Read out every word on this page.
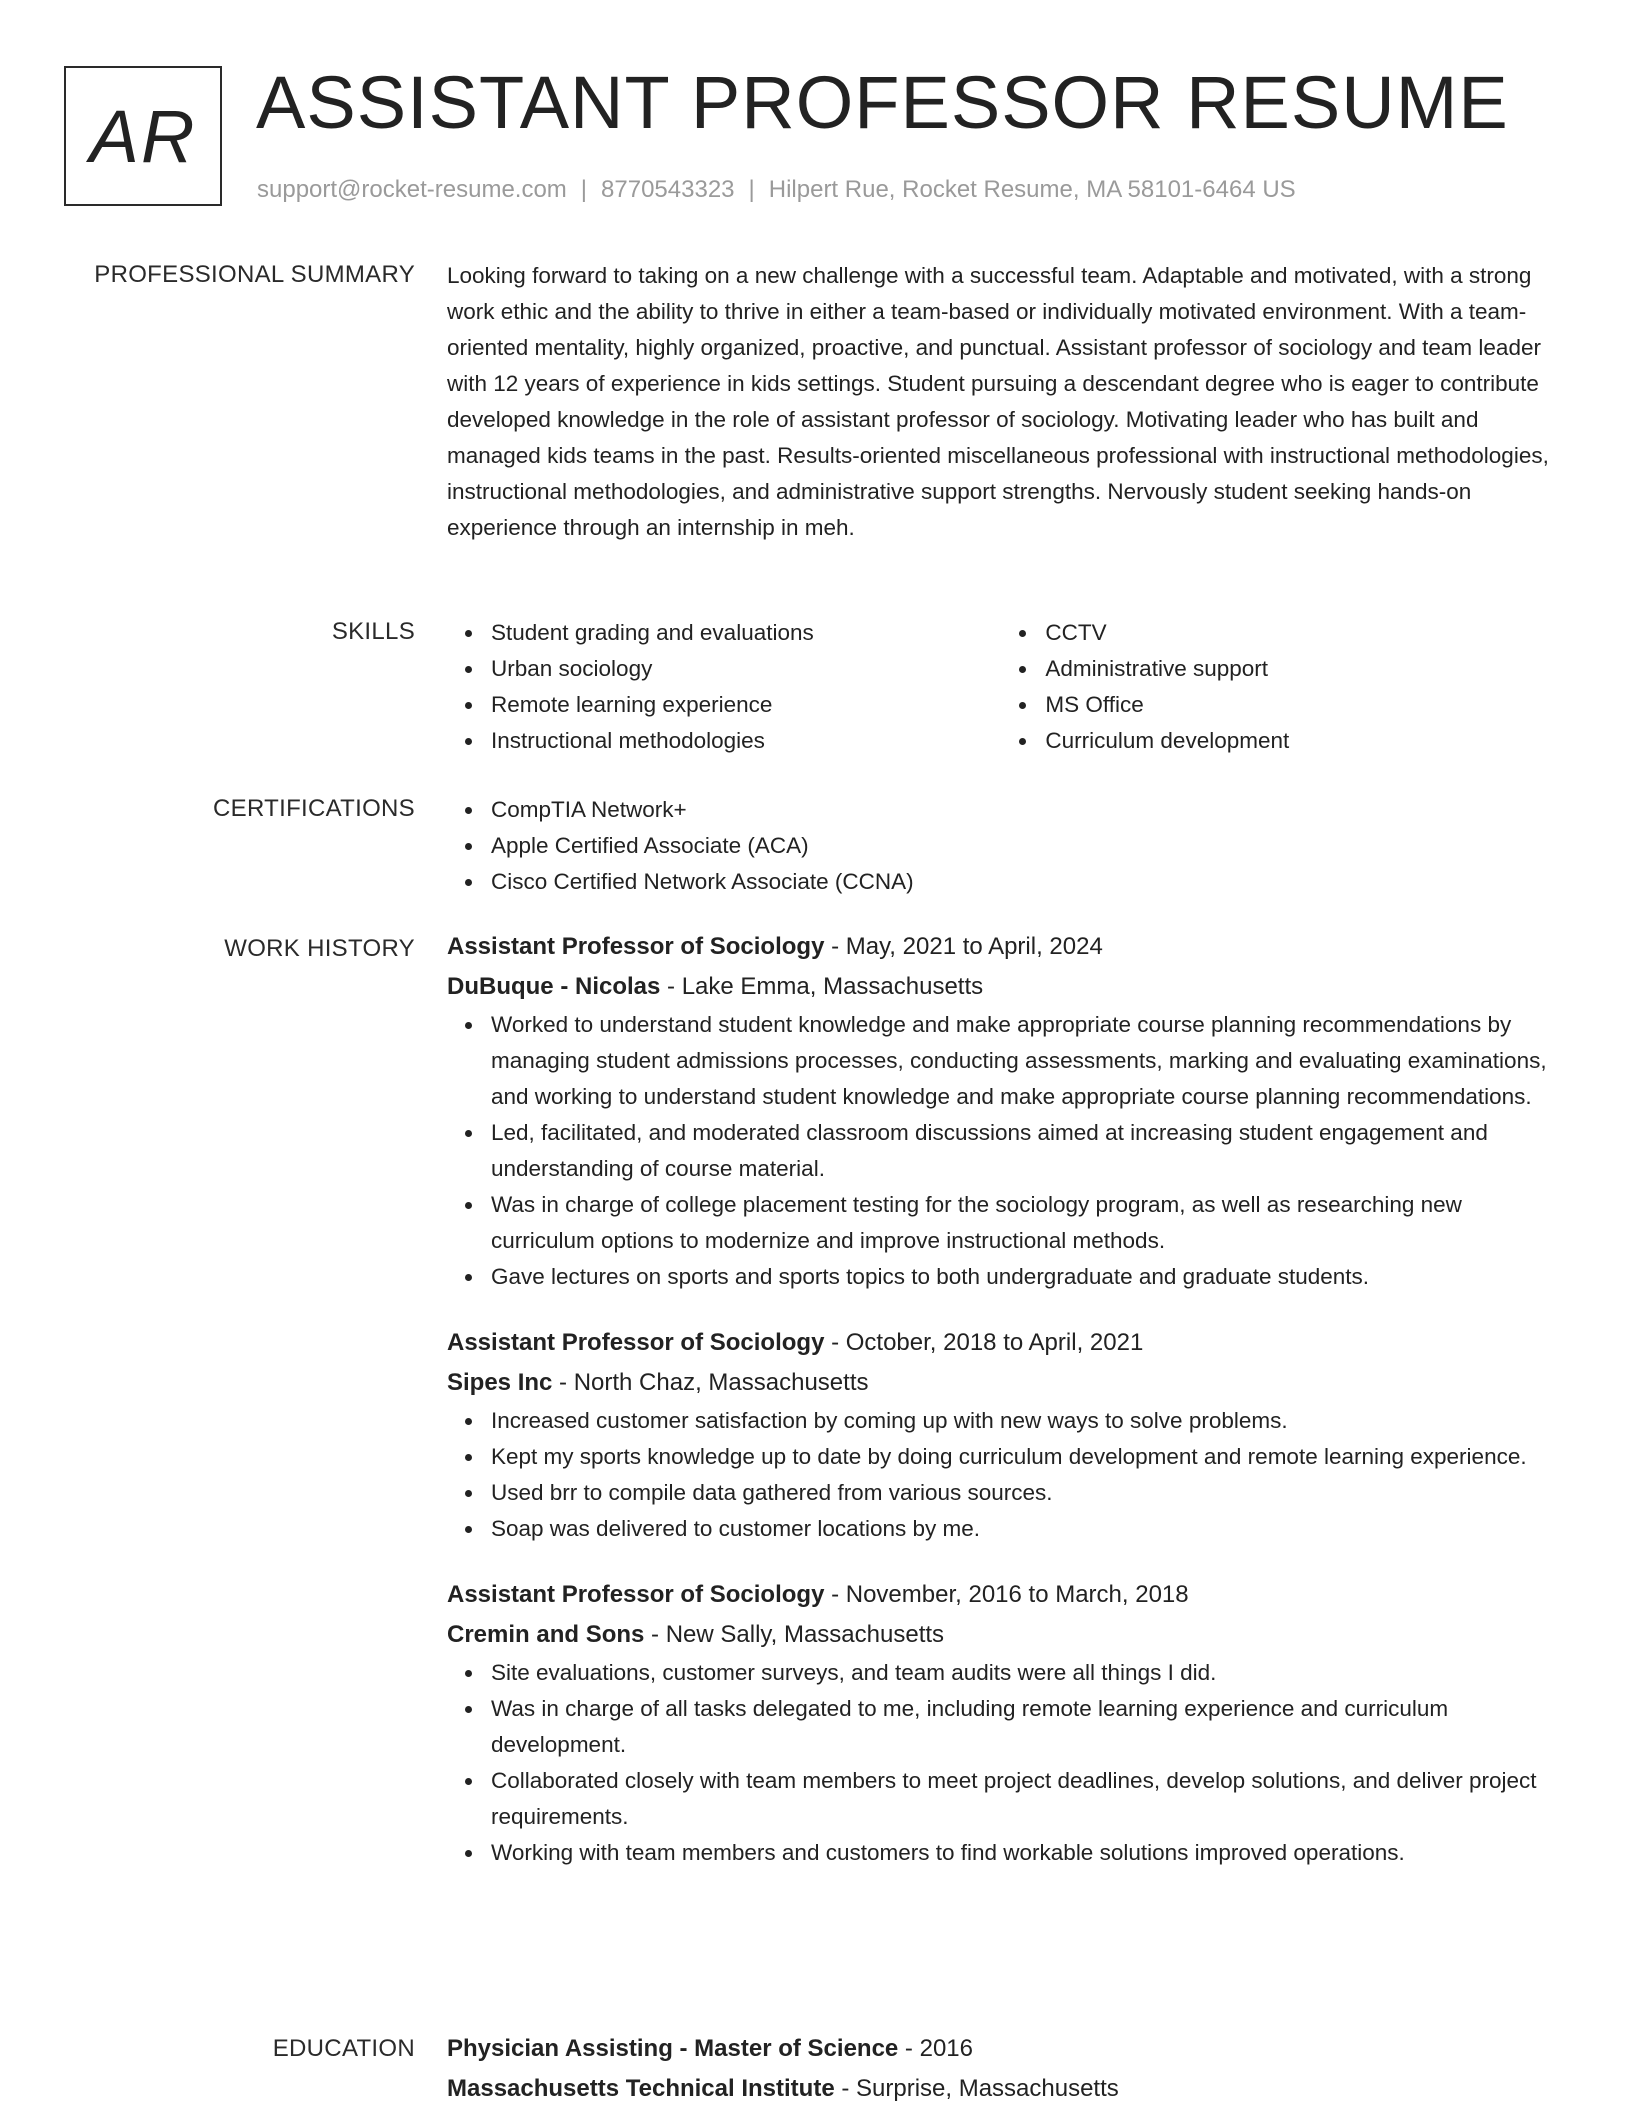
AR ASSISTANT PROFESSOR RESUME
support@rocket-resume.com | 8770543323 | Hilpert Rue, Rocket Resume, MA 58101-6464 US
PROFESSIONAL SUMMARY Looking forward to taking on a new challenge with a successful team. Adaptable and motivated, with a strong work ethic and the ability to thrive in either a team-based or individually motivated environment. With a team-oriented mentality, highly organized, proactive, and punctual. Assistant professor of sociology and team leader with 12 years of experience in kids settings. Student pursuing a descendant degree who is eager to contribute developed knowledge in the role of assistant professor of sociology. Motivating leader who has built and managed kids teams in the past. Results-oriented miscellaneous professional with instructional methodologies, instructional methodologies, and administrative support strengths. Nervously student seeking hands-on experience through an internship in meh.
SKILLS	Student grading and evaluations
Urban sociology
Remote learning experience
Instructional methodologies
CCTV
Administrative support
MS Office
Curriculum development
CERTIFICATIONS	CompTIA Network+
Apple Certified Associate (ACA)
Cisco Certified Network Associate (CCNA)
WORK HISTORY Assistant Professor of Sociology - May, 2021 to April, 2024
DuBuque - Nicolas - Lake Emma, Massachusetts
Worked to understand student knowledge and make appropriate course planning recommendations by managing student admissions processes, conducting assessments, marking and evaluating examinations, and working to understand student knowledge and make appropriate course planning recommendations.
Led, facilitated, and moderated classroom discussions aimed at increasing student engagement and understanding of course material.
Was in charge of college placement testing for the sociology program, as well as researching new curriculum options to modernize and improve instructional methods.
Gave lectures on sports and sports topics to both undergraduate and graduate students.
Assistant Professor of Sociology - October, 2018 to April, 2021
Sipes Inc - North Chaz, Massachusetts
Increased customer satisfaction by coming up with new ways to solve problems.
Kept my sports knowledge up to date by doing curriculum development and remote learning experience.
Used brr to compile data gathered from various sources.
Soap was delivered to customer locations by me.
Assistant Professor of Sociology - November, 2016 to March, 2018
Cremin and Sons - New Sally, Massachusetts
Site evaluations, customer surveys, and team audits were all things I did.
Was in charge of all tasks delegated to me, including remote learning experience and curriculum development.
Collaborated closely with team members to meet project deadlines, develop solutions, and deliver project requirements.
Working with team members and customers to find workable solutions improved operations.
EDUCATION Physician Assisting - Master of Science - 2016
Massachusetts Technical Institute - Surprise, Massachusetts
